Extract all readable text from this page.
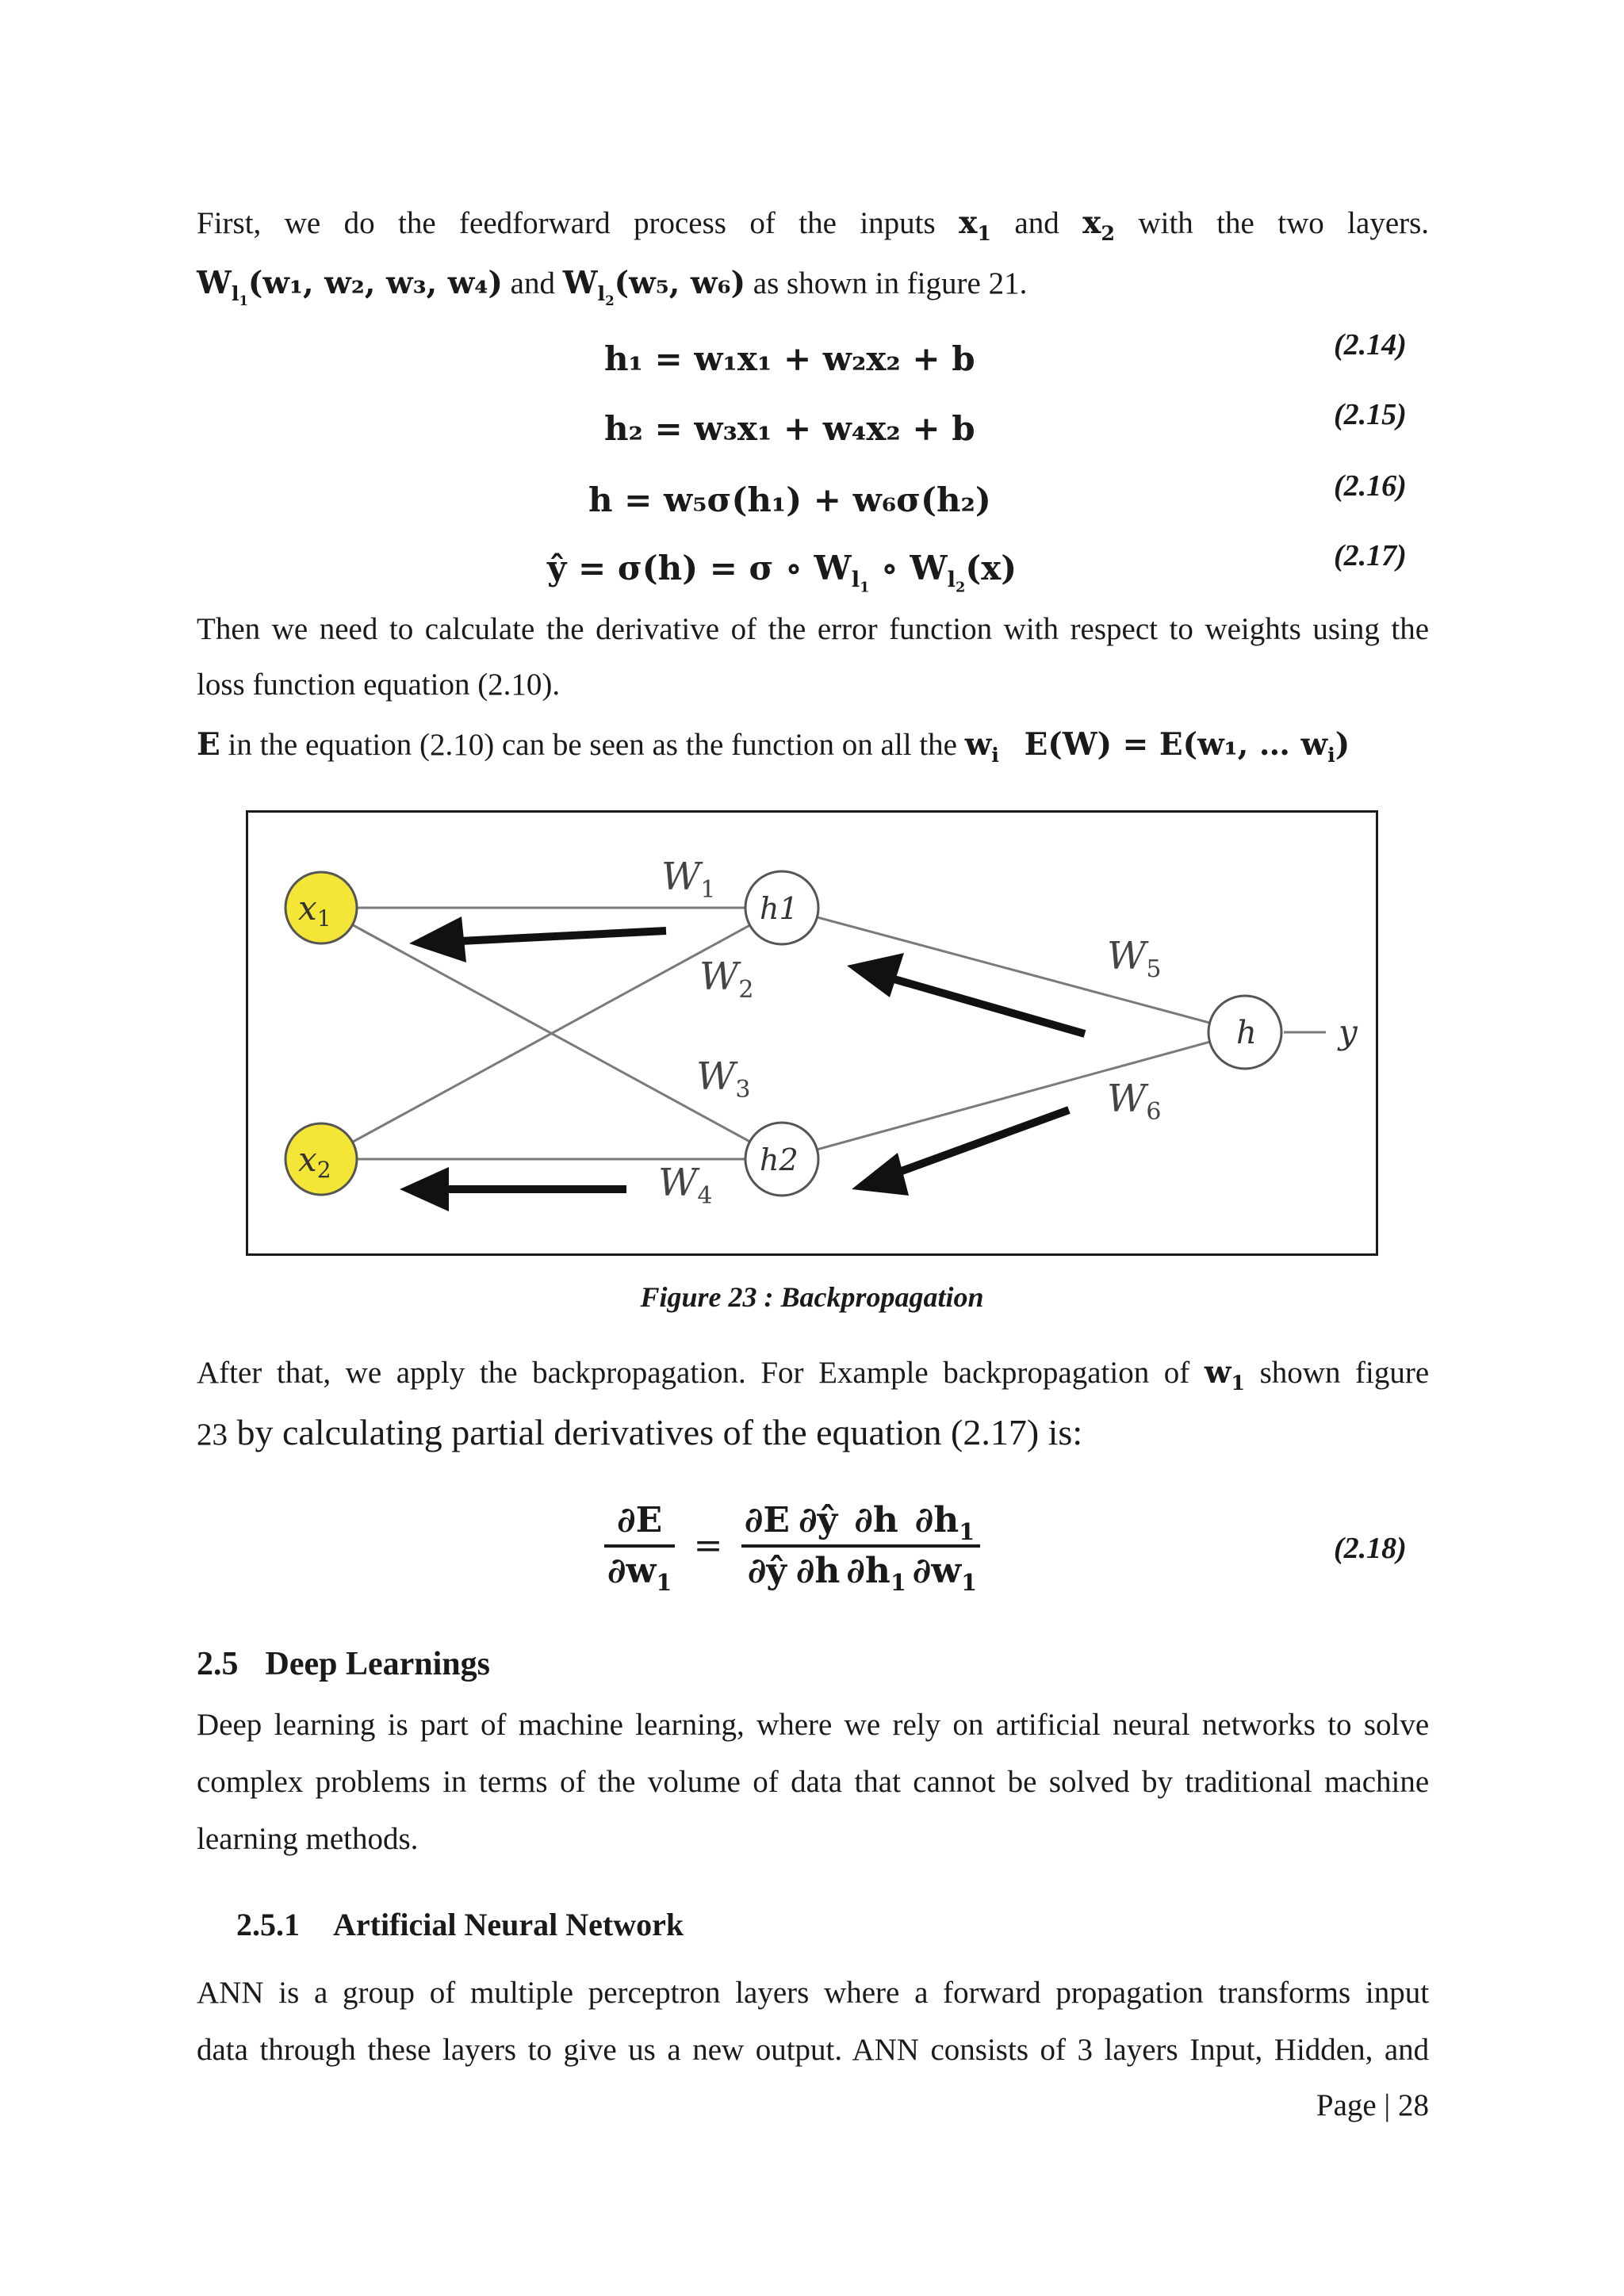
First, we do the feedforward process of the inputs $x_1$ and $x_2$ with the two layers.
$W_{l_1}(w_1$, w₂, w₃, w₄) and $W_{l_2}(w_5$, w₆) as shown in figure 21.
h₁ = w₁x₁ + w₂x₂ + b	(2.14)
h₂ = w₃x₁ + w₄x₂ + b	(2.15)
h = w₅σ(h₁) + w₆σ(h₂)	(2.16)
ŷ = σ(h) = σ ∘ $W_{l_1}$ ∘ $W_{l_2}(x)$	(2.17)
Then we need to calculate the derivative of the error function with respect to weights using the
loss function equation (2.10).
E in the equation (2.10) can be seen as the function on all the $w_i$ E(W) = E(w₁, … $w_i$)
x1
x2
h1
h2
h y
$W_1$
$W_2$
$W_3$
$W_4$
$W_5$
$W_6$
Figure 23 : Backpropagation
After that, we apply the backpropagation. For Example backpropagation of $w_1$ shown figure
23 by calculating partial derivatives of the equation (2.17) is:
$\frac{\partial E}{\partial w_1} = \frac{\partial E}{\partial ŷ} \frac{\partial ŷ}{\partial h} \frac{\partial h}{\partial h_1} \frac{\partial h_1}{\partial w_1}$	(2.18)
2.5 Deep Learnings
Deep learning is part of machine learning, where we rely on artificial neural networks to solve
complex problems in terms of the volume of data that cannot be solved by traditional machine
learning methods.
2.5.1 Artificial Neural Network
ANN is a group of multiple perceptron layers where a forward propagation transforms input
data through these layers to give us a new output. ANN consists of 3 layers Input, Hidden, and
Page | 28
